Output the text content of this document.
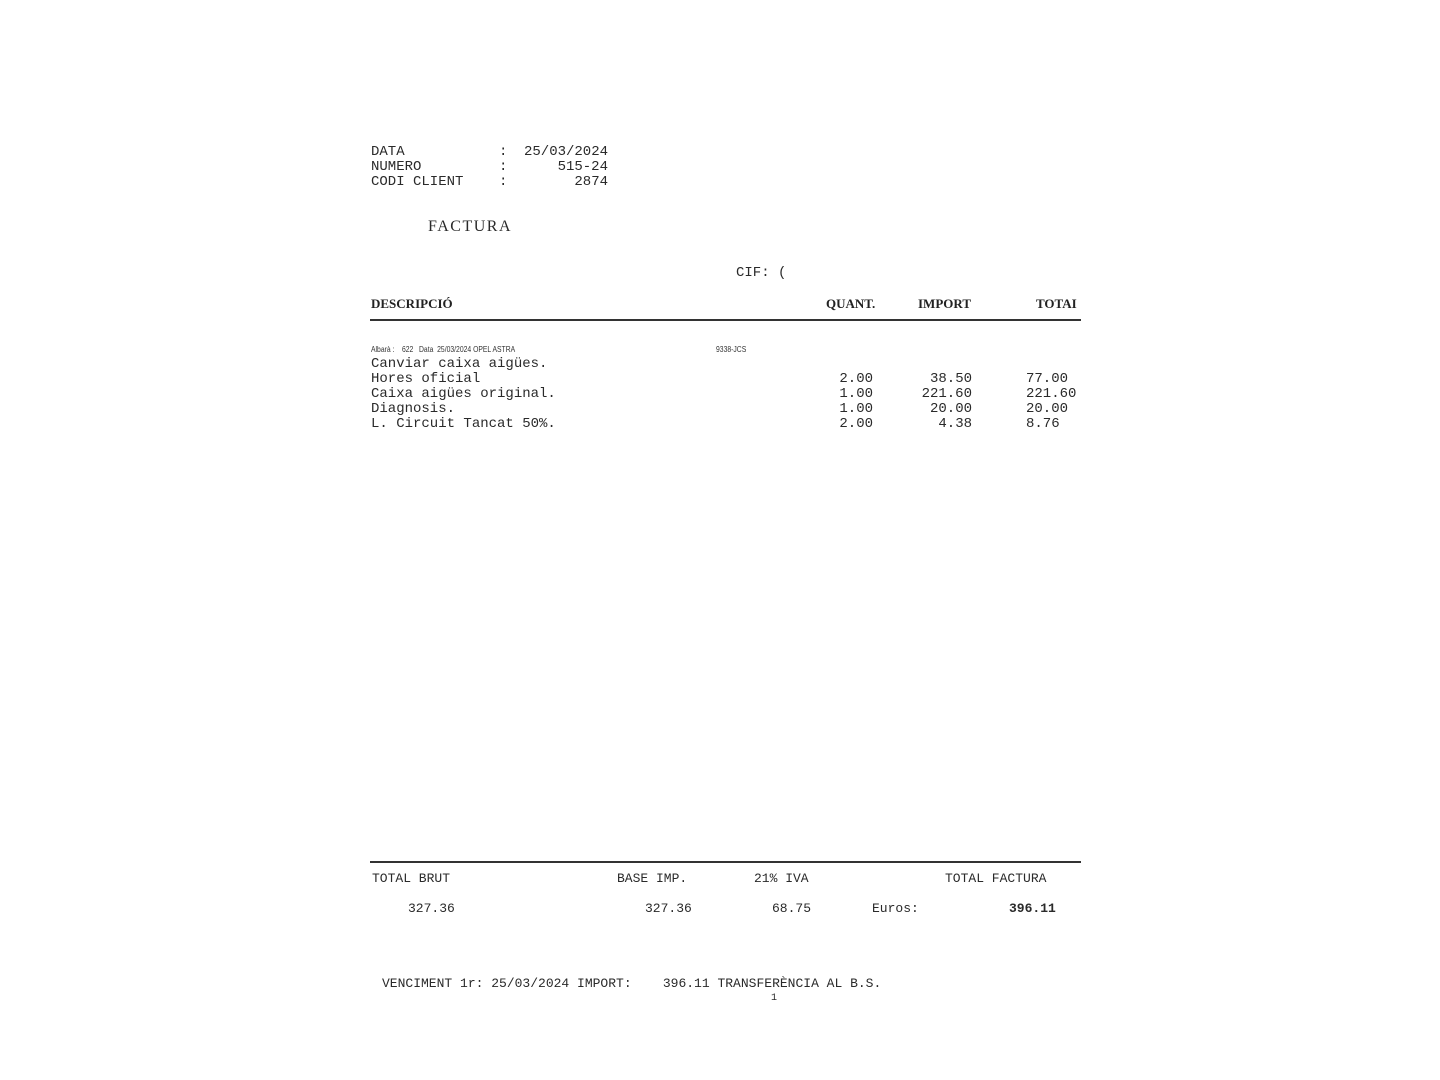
DATA	:	25/03/2024
NUMERO	:	515-24
CODI CLIENT	:	2874
FACTURA
CIF: (
DESCRIPCIÓ	QUANT.	IMPORT	TOTAI
Albarà :    622   Data  25/03/2024 OPEL ASTRA	9338-JCS
Canviar caixa aigües.
Hores oficial	2.00	38.50	77.00
Caixa aigües original.	1.00	221.60	221.60
Diagnosis.	1.00	20.00	20.00
L. Circuit Tancat 50%.	2.00	4.38	8.76
TOTAL BRUT	BASE IMP.	21% IVA	TOTAL FACTURA
327.36	327.36	68.75	Euros:	396.11
VENCIMENT 1r: 25/03/2024 IMPORT:    396.11 TRANSFERÈNCIA AL B.S.
1
